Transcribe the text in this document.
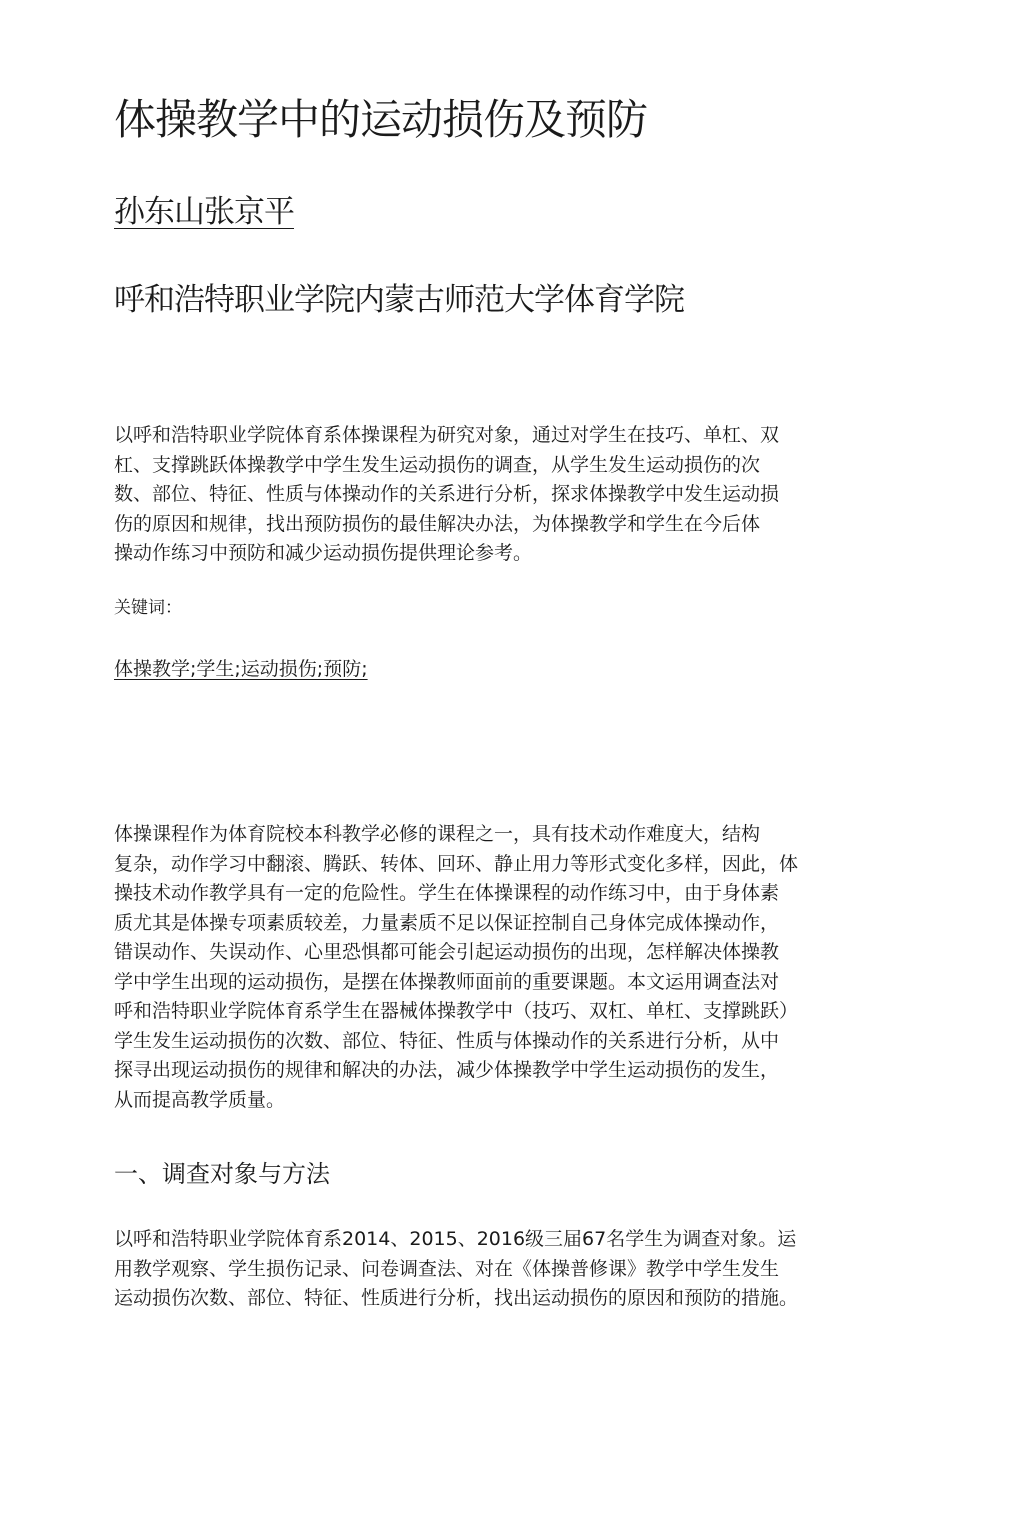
体操教学中的运动损伤及预防
孙东山张京平
呼和浩特职业学院内蒙古师范大学体育学院
以呼和浩特职业学院体育系体操课程为研究对象，通过对学生在技巧、单杠、双
杠、支撑跳跃体操教学中学生发生运动损伤的调查，从学生发生运动损伤的次
数、部位、特征、性质与体操动作的关系进行分析，探求体操教学中发生运动损
伤的原因和规律，找出预防损伤的最佳解决办法，为体操教学和学生在今后体
操动作练习中预防和减少运动损伤提供理论参考。
关键词：
体操教学;学生;运动损伤;预防;
体操课程作为体育院校本科教学必修的课程之一，具有技术动作难度大，结构
复杂，动作学习中翻滚、腾跃、转体、回环、静止用力等形式变化多样，因此，体
操技术动作教学具有一定的危险性。学生在体操课程的动作练习中，由于身体素
质尤其是体操专项素质较差，力量素质不足以保证控制自己身体完成体操动作，
错误动作、失误动作、心里恐惧都可能会引起运动损伤的出现，怎样解决体操教
学中学生出现的运动损伤，是摆在体操教师面前的重要课题。本文运用调查法对
呼和浩特职业学院体育系学生在器械体操教学中（技巧、双杠、单杠、支撑跳跃）
学生发生运动损伤的次数、部位、特征、性质与体操动作的关系进行分析，从中
探寻出现运动损伤的规律和解决的办法，减少体操教学中学生运动损伤的发生，
从而提高教学质量。
一、调查对象与方法
以呼和浩特职业学院体育系2014、2015、2016级三届67名学生为调查对象。运
用教学观察、学生损伤记录、问卷调查法、对在《体操普修课》教学中学生发生
运动损伤次数、部位、特征、性质进行分析，找出运动损伤的原因和预防的措施。
